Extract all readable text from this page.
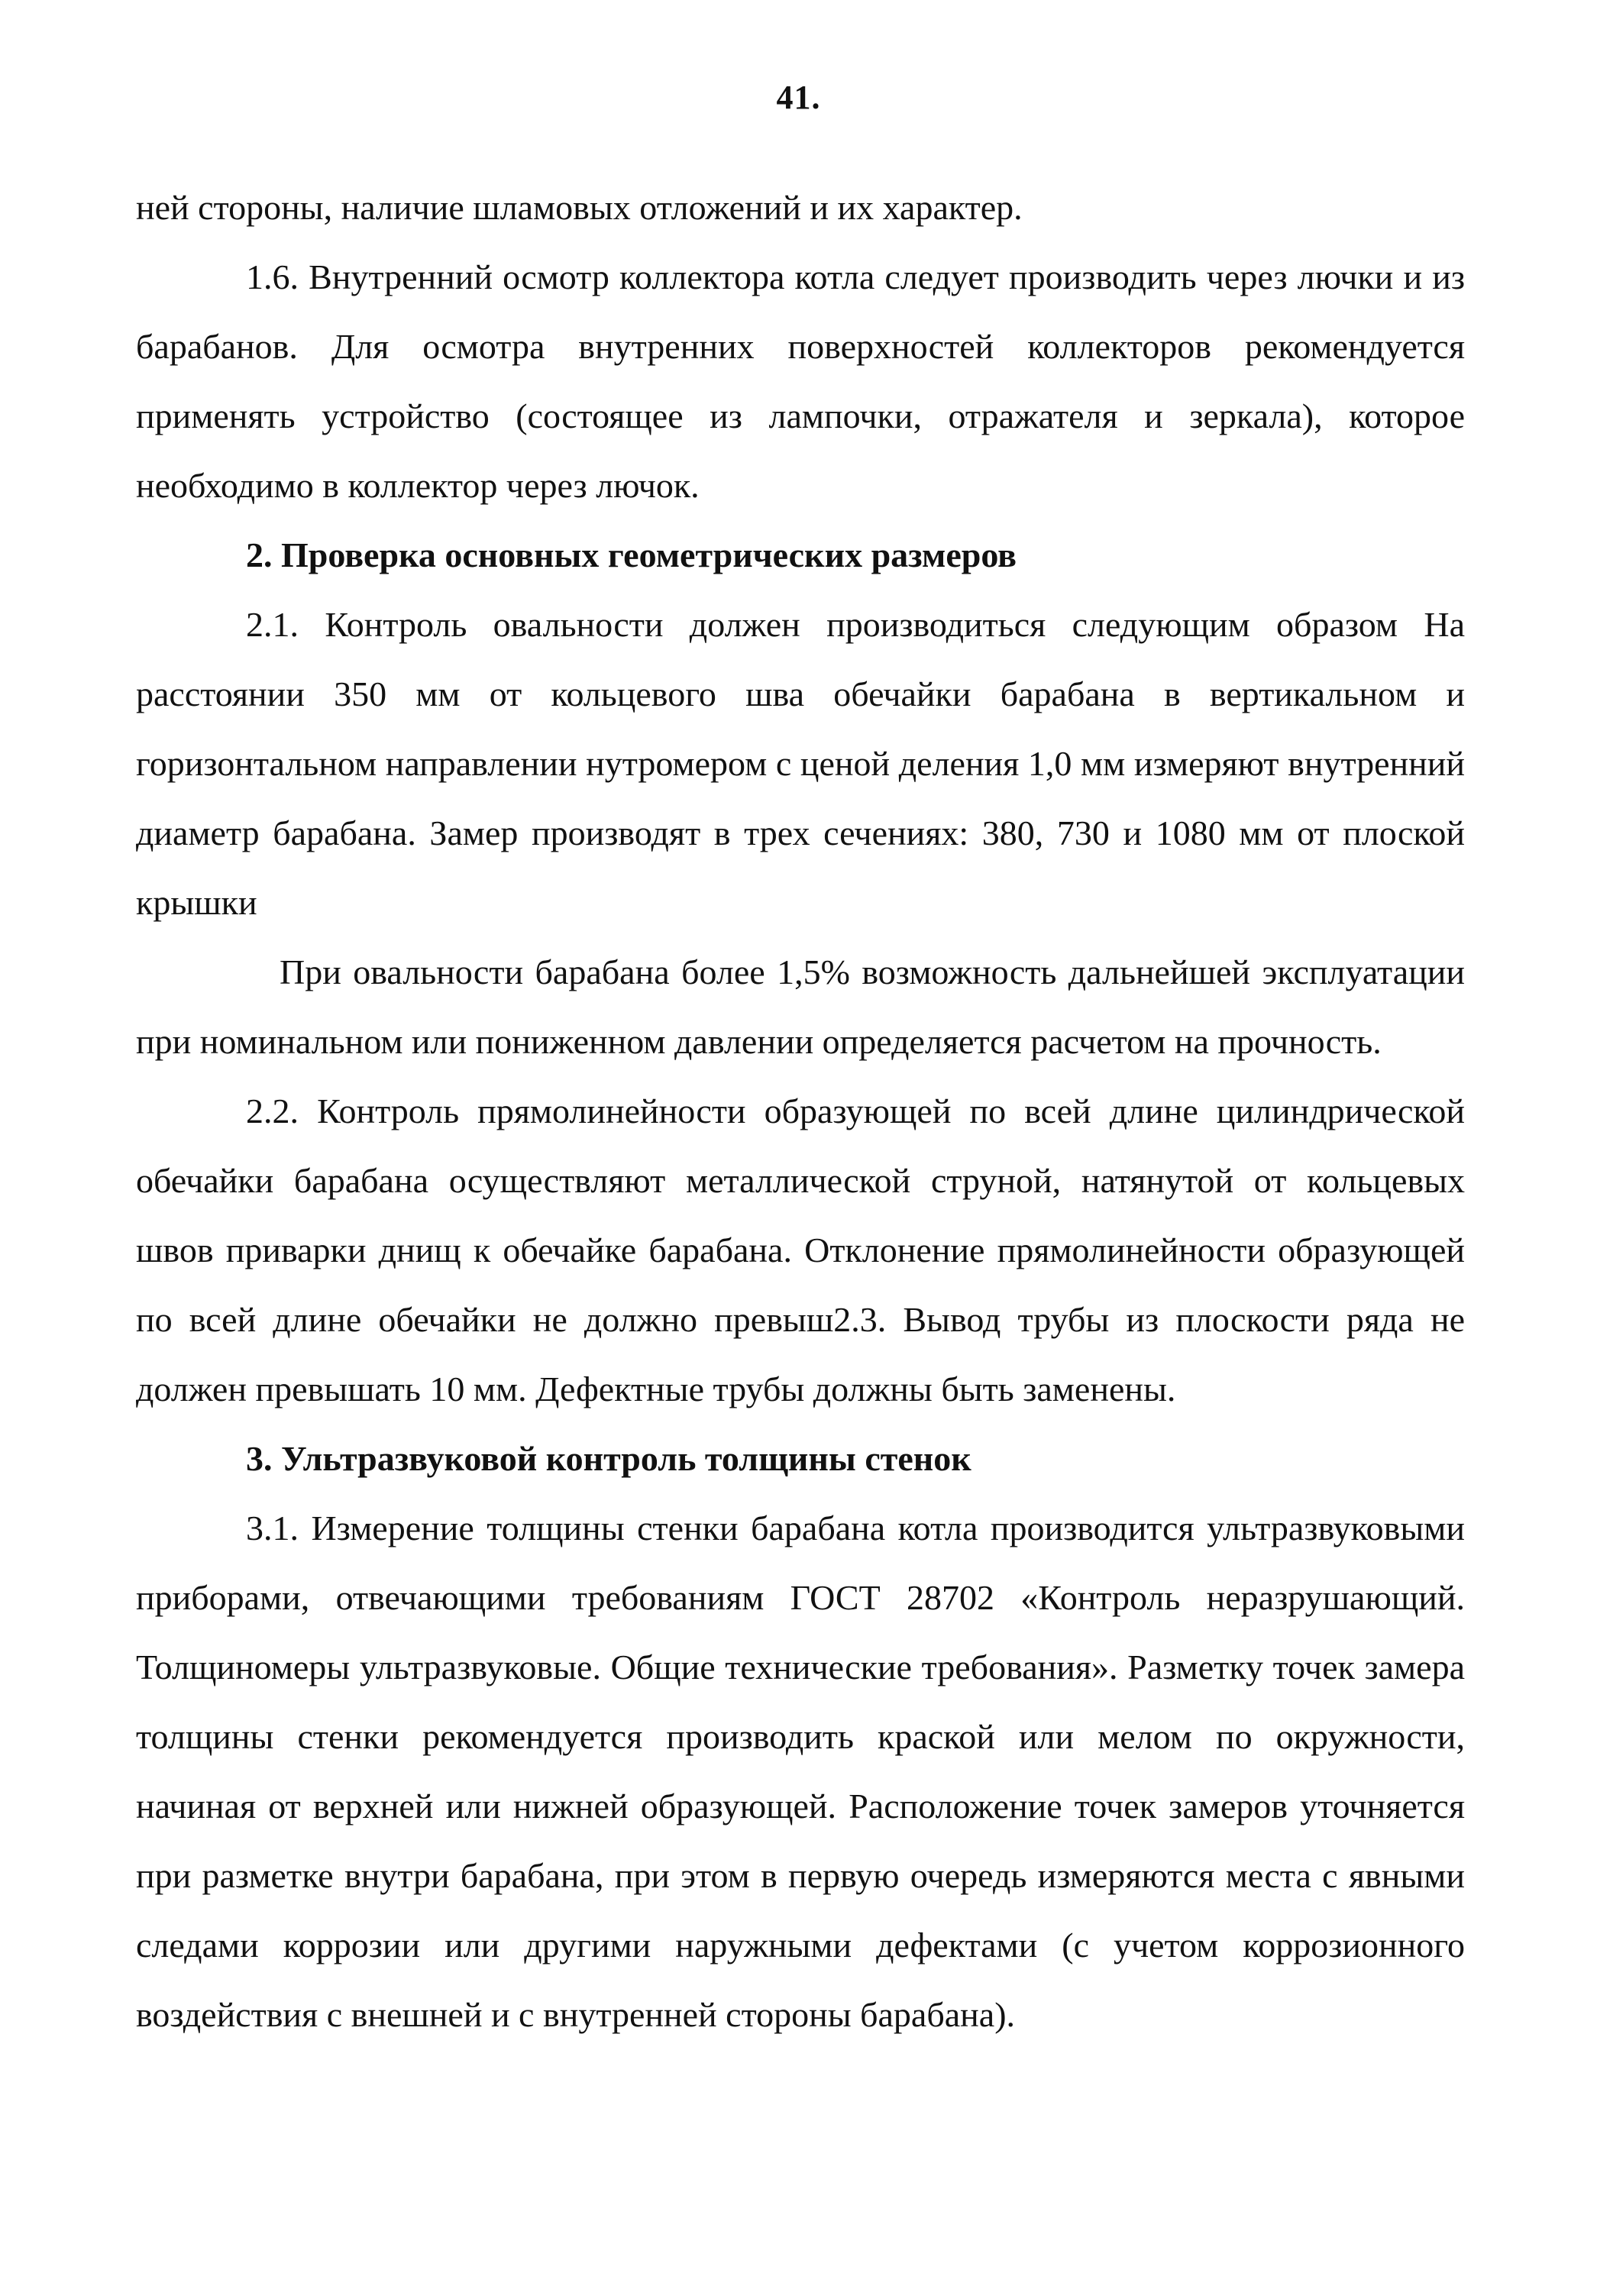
41.

ней стороны, наличие шламовых отложений и их характер.

1.6. Внутренний осмотр коллектора котла следует производить через лючки и из барабанов. Для осмотра внутренних поверхностей коллекторов рекомендуется применять устройство (состоящее из лампочки, отражателя и зеркала), которое необходимо в коллектор через лючок.

2. Проверка основных геометрических размеров

2.1. Контроль овальности должен производиться следующим образом На расстоянии 350 мм от кольцевого шва обечайки барабана в вертикальном и горизонтальном направлении нутромером с ценой деления 1,0 мм измеряют внутренний диаметр барабана. Замер производят в трех сечениях: 380, 730 и 1080 мм от плоской крышки

При овальности барабана более 1,5% возможность дальнейшей эксплуатации при номинальном или пониженном давлении определяется расчетом на прочность.

2.2. Контроль прямолинейности образующей по всей длине цилиндрической обечайки барабана осуществляют металлической струной, натянутой от кольцевых швов приварки днищ к обечайке барабана. Отклонение прямолинейности образующей по всей длине обечайки не должно превыш2.3. Вывод трубы из плоскости ряда не должен превышать 10 мм. Дефектные трубы должны быть заменены.

3. Ультразвуковой контроль толщины стенок

3.1. Измерение толщины стенки барабана котла производится ультразвуковыми приборами, отвечающими требованиям ГОСТ 28702 «Контроль неразрушающий. Толщиномеры ультразвуковые. Общие технические требования». Разметку точек замера толщины стенки рекомендуется производить краской или мелом по окружности, начиная от верхней или нижней образующей. Расположение точек замеров уточняется при разметке внутри барабана, при этом в первую очередь измеряются места с явными следами коррозии или другими наружными дефектами (с учетом коррозионного воздействия с внешней и с внутренней стороны барабана).
